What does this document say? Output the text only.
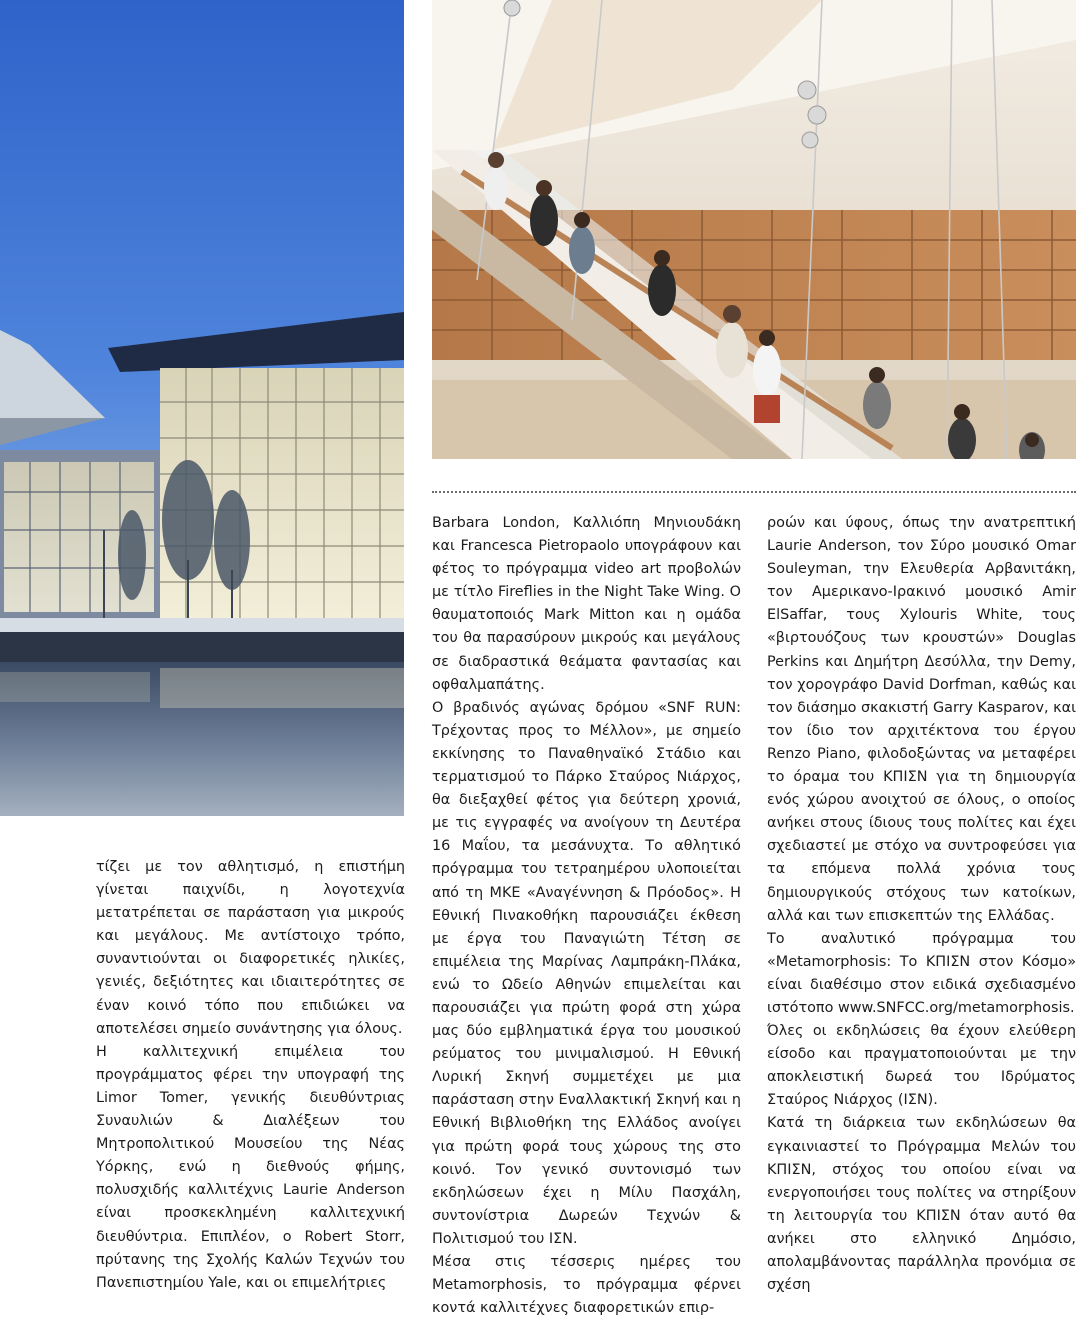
τίζει με τον αθλητισμό, η επιστήμη γίνεται παιχνίδι, η λογοτεχνία μετατρέπεται σε παράσταση για μικρούς και μεγάλους. Με αντίστοιχο τρόπο, συναντιούνται οι διαφορετικές ηλικίες, γενιές, δεξιότητες και ιδιαιτερότητες σε έναν κοινό τόπο που επιδιώκει να αποτελέσει σημείο συνάντησης για όλους.

Η καλλιτεχνική επιμέλεια του προγράμματος φέρει την υπογραφή της Limor Tomer, γενικής διευθύντριας Συναυλιών & Διαλέξεων του Μητροπολιτικού Μουσείου της Νέας Υόρκης, ενώ η διεθνούς φήμης, πολυσχιδής καλλιτέχνις Laurie Anderson είναι προσκεκλημένη καλλιτεχνική διευθύντρια. Επιπλέον, ο Robert Storr, πρύτανης της Σχολής Καλών Τεχνών του Πανεπιστημίου Yale, και οι επιμελήτριες

Barbara London, Καλλιόπη Μηνιουδάκη και Francesca Pietropaolo υπογράφουν και φέτος το πρόγραμμα video art προβολών με τίτλο Fireflies in the Night Take Wing. Ο θαυματοποιός Mark Mitton και η ομάδα του θα παρασύρουν μικρούς και μεγάλους σε διαδραστικά θεάματα φαντασίας και οφθαλμαπάτης.

Ο βραδινός αγώνας δρόμου «SNF RUN: Τρέχοντας προς το Μέλλον», με σημείο εκκίνησης το Παναθηναϊκό Στάδιο και τερματισμού το Πάρκο Σταύρος Νιάρχος, θα διεξαχθεί φέτος για δεύτερη χρονιά, με τις εγγραφές να ανοίγουν τη Δευτέρα 16 Μαΐου, τα μεσάνυχτα. Το αθλητικό πρόγραμμα του τετραημέρου υλοποιείται από τη ΜΚΕ «Αναγέννηση & Πρόοδος». Η Εθνική Πινακοθήκη παρουσιάζει έκθεση με έργα του Παναγιώτη Τέτση σε επιμέλεια της Μαρίνας Λαμπράκη-Πλάκα, ενώ το Ωδείο Αθηνών επιμελείται και παρουσιάζει για πρώτη φορά στη χώρα μας δύο εμβληματικά έργα του μουσικού ρεύματος του μινιμαλισμού. Η Εθνική Λυρική Σκηνή συμμετέχει με μια παράσταση στην Εναλλακτική Σκηνή και η Εθνική Βιβλιοθήκη της Ελλάδος ανοίγει για πρώτη φορά τους χώρους της στο κοινό. Τον γενικό συντονισμό των εκδηλώσεων έχει η Μίλυ Πασχάλη, συντονίστρια Δωρεών Τεχνών & Πολιτισμού του ΙΣΝ.

Μέσα στις τέσσερις ημέρες του Metamorphosis, το πρόγραμμα φέρνει κοντά καλλιτέχνες διαφορετικών επιρ-

ροών και ύφους, όπως την ανατρεπτική Laurie Anderson, τον Σύρο μουσικό Omar Souleyman, την Ελευθερία Αρβανιτάκη, τον Αμερικανο-Ιρακινό μουσικό Amir ElSaffar, τους Xylouris White, τους «βιρτουόζους των κρουστών» Douglas Perkins και Δημήτρη Δεσύλλα, την Demy, τον χορογράφο David Dorfman, καθώς και τον διάσημο σκακιστή Garry Kasparov, και τον ίδιο τον αρχιτέκτονα του έργου Renzo Piano, φιλοδοξώντας να μεταφέρει το όραμα του ΚΠΙΣΝ για τη δημιουργία ενός χώρου ανοιχτού σε όλους, ο οποίος ανήκει στους ίδιους τους πολίτες και έχει σχεδιαστεί με στόχο να συντροφεύσει για τα επόμενα πολλά χρόνια τους δημιουργικούς στόχους των κατοίκων, αλλά και των επισκεπτών της Ελλάδας.

Το αναλυτικό πρόγραμμα του «Metamorphosis: Το ΚΠΙΣΝ στον Κόσμο» είναι διαθέσιμο στον ειδικά σχεδιασμένο ιστότοπο www.SNFCC.org/metamorphosis.

Όλες οι εκδηλώσεις θα έχουν ελεύθερη είσοδο και πραγματοποιούνται με την αποκλειστική δωρεά του Ιδρύματος Σταύρος Νιάρχος (ΙΣΝ).

Κατά τη διάρκεια των εκδηλώσεων θα εγκαινιαστεί το Πρόγραμμα Μελών του ΚΠΙΣΝ, στόχος του οποίου είναι να ενεργοποιήσει τους πολίτες να στηρίξουν τη λειτουργία του ΚΠΙΣΝ όταν αυτό θα ανήκει στο ελληνικό Δημόσιο, απολαμβάνοντας παράλληλα προνόμια σε σχέση
